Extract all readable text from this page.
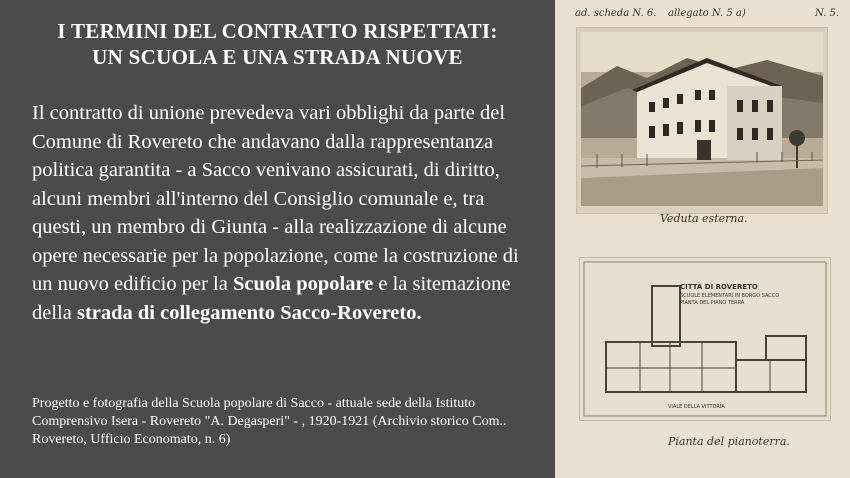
I TERMINI DEL CONTRATTO RISPETTATI:
UN SCUOLA E UNA STRADA NUOVE
Il contratto di unione prevedeva vari obblighi da parte del Comune di Rovereto che andavano dalla rappresentanza politica garantita - a Sacco venivano assicurati, di diritto, alcuni membri all'interno del Consiglio comunale e, tra questi, un membro di Giunta - alla realizzazione di alcune opere necessarie per la popolazione, come la costruzione di un nuovo edificio per la Scuola popolare e la sitemazione della strada di collegamento Sacco-Rovereto.
Progetto e fotografia della Scuola popolare di Sacco - attuale sede della Istituto Comprensivo Isera - Rovereto "A. Degasperi" - , 1920-1921 (Archivio storico Com.. Rovereto, Ufficio Economato, n. 6)
ad. scheda N. 6. allegato N. 5 a)	N. 5.
Veduta esterna.
CITTÀ DI ROVERETO
SCUOLE ELEMENTARI IN BORGO SACCO
PIANTA DEL PIANO TERRA
VIALE DELLA VITTORIA
Pianta del pianoterra.
